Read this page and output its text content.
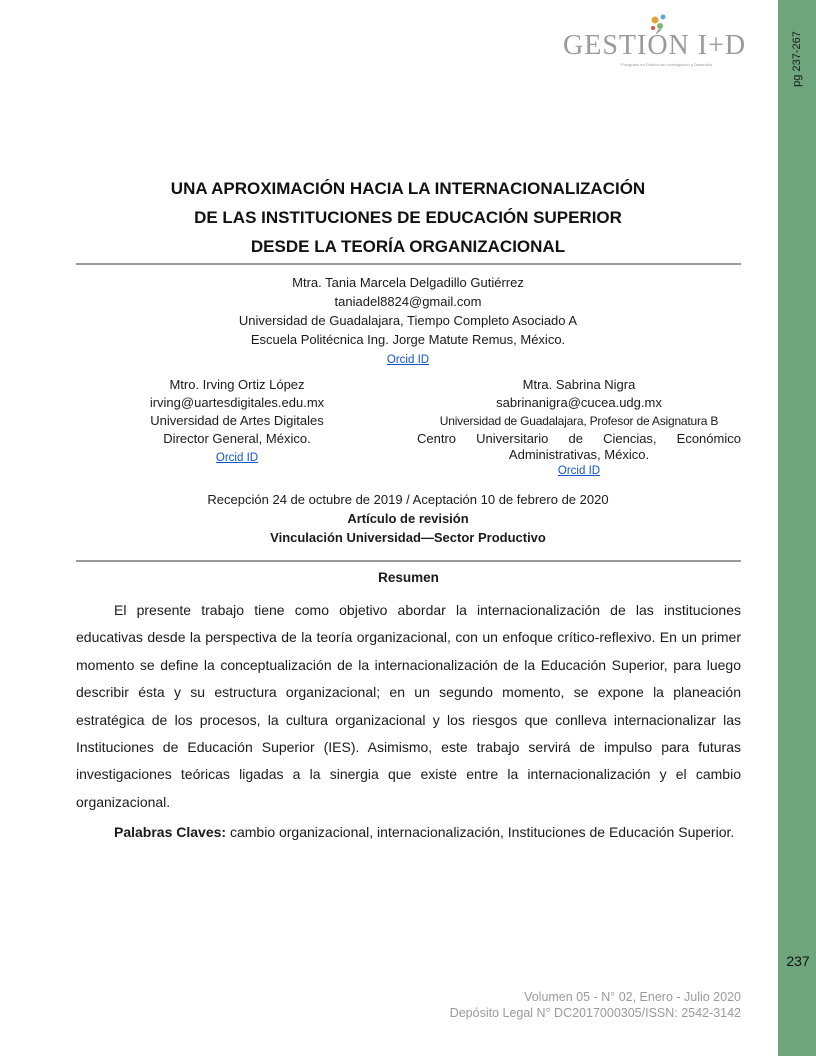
pg 237-267
237
GESTIÓN I+D
Postgrado en Gestión de Investigación y Desarrollo
UNA APROXIMACIÓN HACIA LA INTERNACIONALIZACIÓN
DE LAS INSTITUCIONES DE EDUCACIÓN SUPERIOR
DESDE LA TEORÍA ORGANIZACIONAL
Mtra. Tania Marcela Delgadillo Gutiérrez
taniadel8824@gmail.com
Universidad de Guadalajara, Tiempo Completo Asociado A
Escuela Politécnica Ing. Jorge Matute Remus, México.
Orcid ID
Mtro. Irving Ortiz López
irving@uartesdigitales.edu.mx
Universidad de Artes Digitales
Director General, México.
Orcid ID
Mtra. Sabrina Nigra
sabrinanigra@cucea.udg.mx
Universidad de Guadalajara, Profesor de Asignatura B
Centro Universitario de Ciencias, Económico
Administrativas, México.
Orcid ID
Recepción 24 de octubre de 2019 / Aceptación 10 de febrero de 2020
Artículo de revisión
Vinculación Universidad—Sector Productivo
Resumen
El presente trabajo tiene como objetivo abordar la internacionalización de las instituciones educativas desde la perspectiva de la teoría organizacional, con un enfoque crítico-reflexivo. En un primer momento se define la conceptualización de la internacionalización de la Educación Superior, para luego describir ésta y su estructura organizacional; en un segundo momento, se expone la planeación estratégica de los procesos, la cultura organizacional y los riesgos que conlleva internacionalizar las Instituciones de Educación Superior (IES). Asimismo, este trabajo servirá de impulso para futuras investigaciones teóricas ligadas a la sinergia que existe entre la internacionalización y el cambio organizacional.
Palabras Claves: cambio organizacional, internacionalización, Instituciones de Educación Superior.
Volumen 05 - N° 02, Enero - Julio 2020
Depósito Legal N° DC2017000305/ISSN: 2542-3142
